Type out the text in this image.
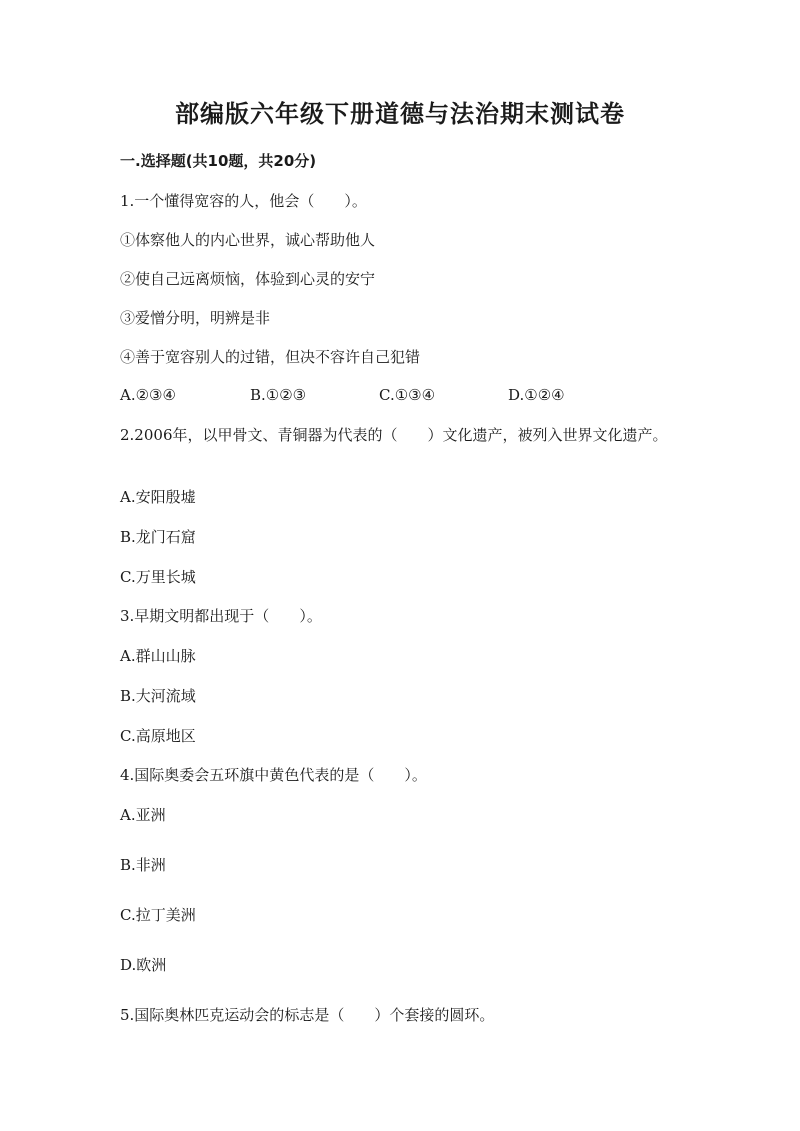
部编版六年级下册道德与法治期末测试卷
一.选择题(共10题，共20分)
1.一个懂得宽容的人，他会（　　）。
①体察他人的内心世界，诚心帮助他人
②使自己远离烦恼，体验到心灵的安宁
③爱憎分明，明辨是非
④善于宽容别人的过错，但决不容许自己犯错
A.②③④	B.①②③	C.①③④	D.①②④
2.2006年，以甲骨文、青铜器为代表的（　　）文化遗产，被列入世界文化遗产。
A.安阳殷墟
B.龙门石窟
C.万里长城
3.早期文明都出现于（　　）。
A.群山山脉
B.大河流域
C.高原地区
4.国际奥委会五环旗中黄色代表的是（　　）。
A.亚洲
B.非洲
C.拉丁美洲
D.欧洲
5.国际奥林匹克运动会的标志是（　　）个套接的圆环。
